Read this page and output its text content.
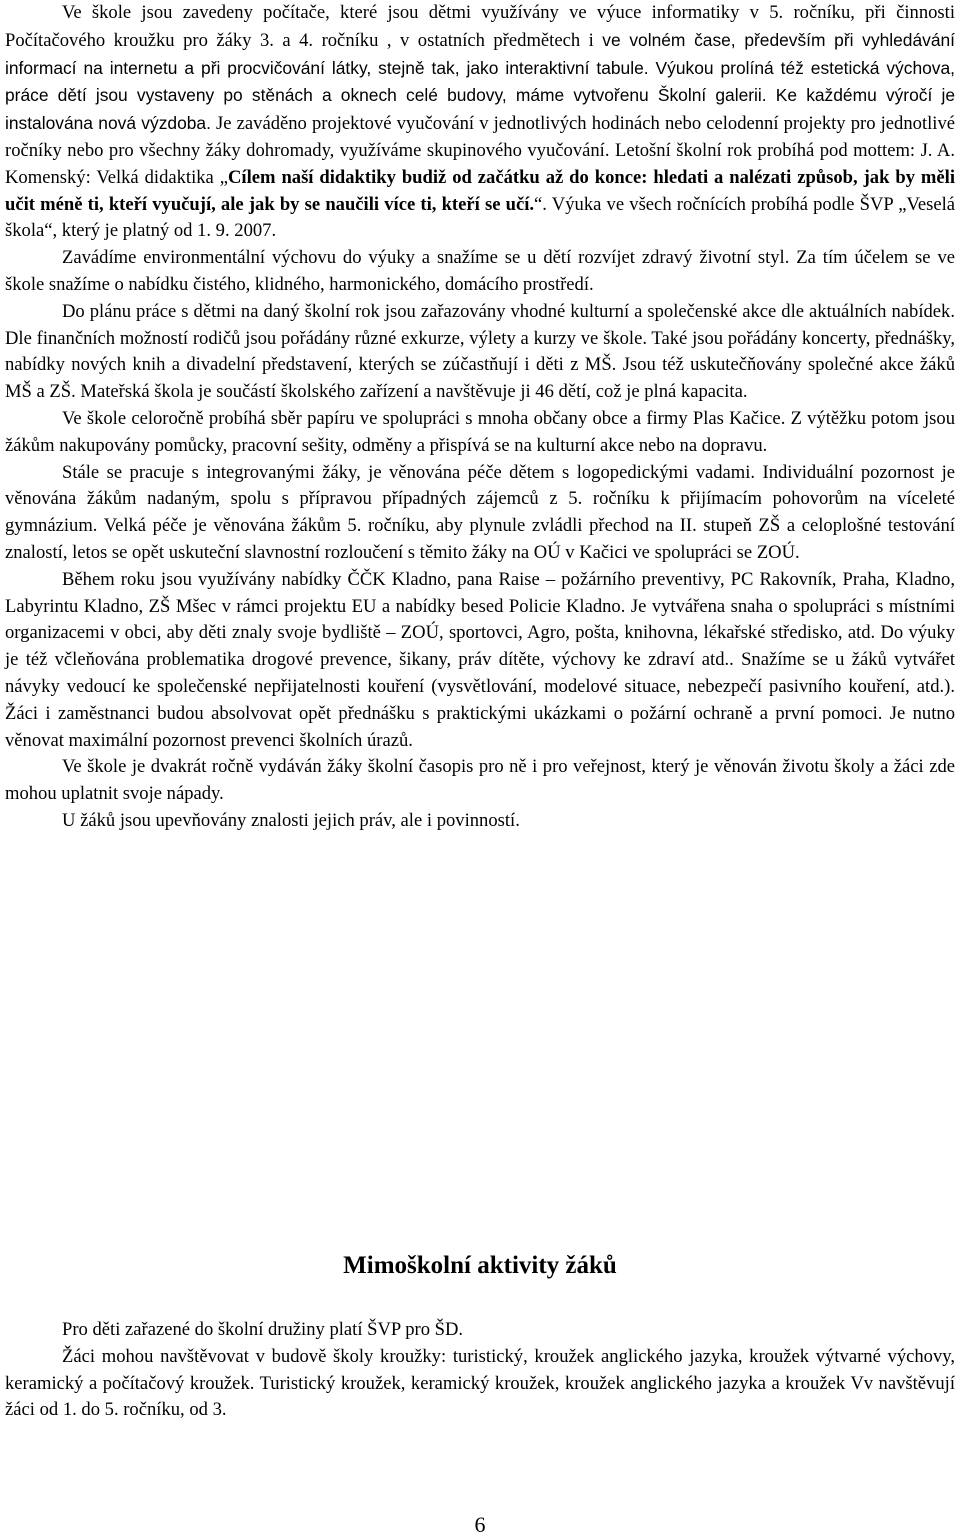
Ve škole jsou zavedeny počítače, které jsou dětmi využívány ve výuce informatiky v 5. ročníku, při činnosti Počítačového kroužku pro žáky 3. a 4. ročníku , v ostatních předmětech i ve volném čase, především při vyhledávání informací na internetu a při procvičování látky, stejně tak, jako interaktivní tabule. Výukou prolíná též estetická výchova, práce dětí jsou vystaveny po stěnách a oknech celé budovy, máme vytvořenu Školní galerii. Ke každému výročí je instalována nová výzdoba. Je zaváděno projektové vyučování v jednotlivých hodinách nebo celodenní projekty pro jednotlivé ročníky nebo pro všechny žáky dohromady, využíváme skupinového vyučování. Letošní školní rok probíhá pod mottem: J. A. Komenský: Velká didaktika „Cílem naší didaktiky budiž od začátku až do konce: hledati a nalézati způsob, jak by měli učit méně ti, kteří vyučují, ale jak by se naučili více ti, kteří se učí.“. Výuka ve všech ročnících probíhá podle ŠVP „Veselá škola“, který je platný od 1. 9. 2007.

Zavádíme environmentální výchovu do výuky a snažíme se u dětí rozvíjet zdravý životní styl. Za tím účelem se ve škole snažíme o nabídku čistého, klidného, harmonického, domácího prostředí.

Do plánu práce s dětmi na daný školní rok jsou zařazovány vhodné kulturní a společenské akce dle aktuálních nabídek. Dle finančních možností rodičů jsou pořádány různé exkurze, výlety a kurzy ve škole. Také jsou pořádány koncerty, přednášky, nabídky nových knih a divadelní představení, kterých se zúčastňují i děti z MŠ. Jsou též uskutečňovány společné akce žáků MŠ a ZŠ. Mateřská škola je součástí školského zařízení a navštěvuje ji 46 dětí, což je plná kapacita.

Ve škole celoročně probíhá sběr papíru ve spolupráci s mnoha občany obce a firmy Plas Kačice. Z výtěžku potom jsou žákům nakupovány pomůcky, pracovní sešity, odměny a přispívá se na kulturní akce nebo na dopravu.

Stále se pracuje s integrovanými žáky, je věnována péče dětem s logopedickými vadami. Individuální pozornost je věnována žákům nadaným, spolu s přípravou případných zájemců z 5. ročníku k přijímacím pohovorům na víceleté gymnázium. Velká péče je věnována žákům 5. ročníku, aby plynule zvládli přechod na II. stupeň ZŠ a celoplošné testování znalostí, letos se opět uskuteční slavnostní rozloučení s těmito žáky na OÚ v Kačici ve spolupráci se ZOÚ.

Během roku jsou využívány nabídky ČČK Kladno, pana Raise – požárního preventivy, PC Rakovník, Praha, Kladno, Labyrintu Kladno, ZŠ Mšec v rámci projektu EU a nabídky besed Policie Kladno. Je vytvářena snaha o spolupráci s místními organizacemi v obci, aby děti znaly svoje bydliště – ZOÚ, sportovci, Agro, pošta, knihovna, lékařské středisko, atd. Do výuky je též včleňována problematika drogové prevence, šikany, práv dítěte, výchovy ke zdraví atd.. Snažíme se u žáků vytvářet návyky vedoucí ke společenské nepřijatelnosti kouření (vysvětlování, modelové situace, nebezpečí pasivního kouření, atd.). Žáci i zaměstnanci budou absolvovat opět přednášku s praktickými ukázkami o požární ochraně a první pomoci. Je nutno věnovat maximální pozornost prevenci školních úrazů.

Ve škole je dvakrát ročně vydáván žáky školní časopis pro ně i pro veřejnost, který je věnován životu školy a žáci zde mohou uplatnit svoje nápady.

U žáků jsou upevňovány znalosti jejich práv, ale i povinností.

Mimoškolní aktivity žáků

Pro děti zařazené do školní družiny platí ŠVP pro ŠD.

Žáci mohou navštěvovat v budově školy kroužky: turistický, kroužek anglického jazyka, kroužek výtvarné výchovy, keramický a počítačový kroužek. Turistický kroužek, keramický kroužek, kroužek anglického jazyka a kroužek Vv navštěvují žáci od 1. do 5. ročníku, od 3.

6
